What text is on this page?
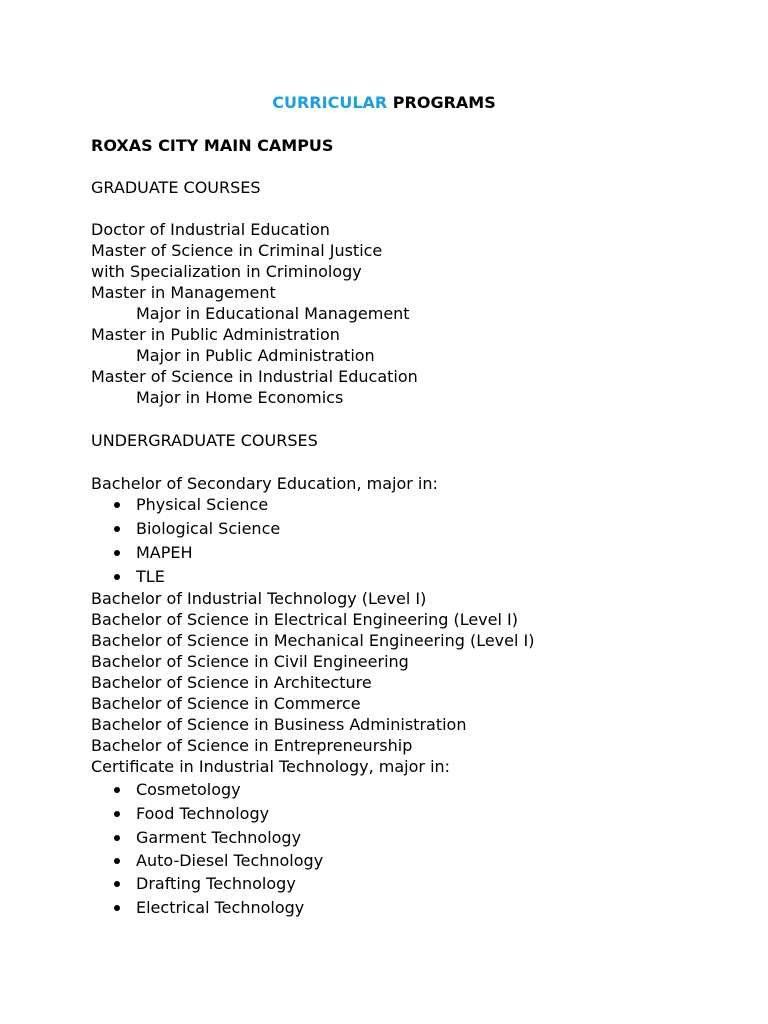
CURRICULAR PROGRAMS
ROXAS CITY MAIN CAMPUS
GRADUATE COURSES
Doctor of Industrial Education
Master of Science in Criminal Justice
with Specialization in Criminology
Master in Management
Major in Educational Management
Master in Public Administration
Major in Public Administration
Master of Science in Industrial Education
Major in Home Economics
UNDERGRADUATE COURSES
Bachelor of Secondary Education, major in:
Physical Science
Biological Science
MAPEH
TLE
Bachelor of Industrial Technology (Level I)
Bachelor of Science in Electrical Engineering (Level I)
Bachelor of Science in Mechanical Engineering (Level I)
Bachelor of Science in Civil Engineering
Bachelor of Science in Architecture
Bachelor of Science in Commerce
Bachelor of Science in Business Administration
Bachelor of Science in Entrepreneurship
Certificate in Industrial Technology, major in:
Cosmetology
Food Technology
Garment Technology
Auto-Diesel Technology
Drafting Technology
Electrical Technology
